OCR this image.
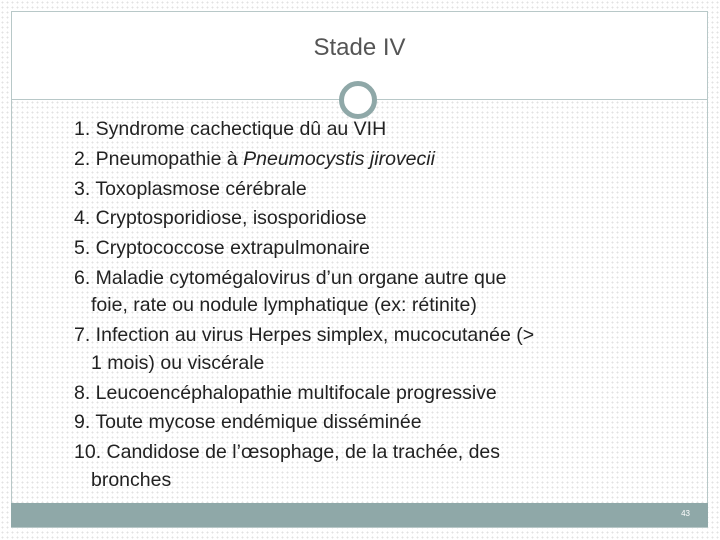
Stade IV
1. Syndrome cachectique dû au VIH
2. Pneumopathie à Pneumocystis jirovecii
3. Toxoplasmose cérébrale
4. Cryptosporidiose, isosporidiose
5. Cryptococcose extrapulmonaire
6. Maladie cytomégalovirus d’un organe autre que
foie, rate ou nodule lymphatique (ex: rétinite)
7. Infection au virus Herpes simplex, mucocutanée (>
1 mois) ou viscérale
8. Leucoencéphalopathie multifocale progressive
9. Toute mycose endémique disséminée
10. Candidose de l’œsophage, de la trachée, des
bronches
43
